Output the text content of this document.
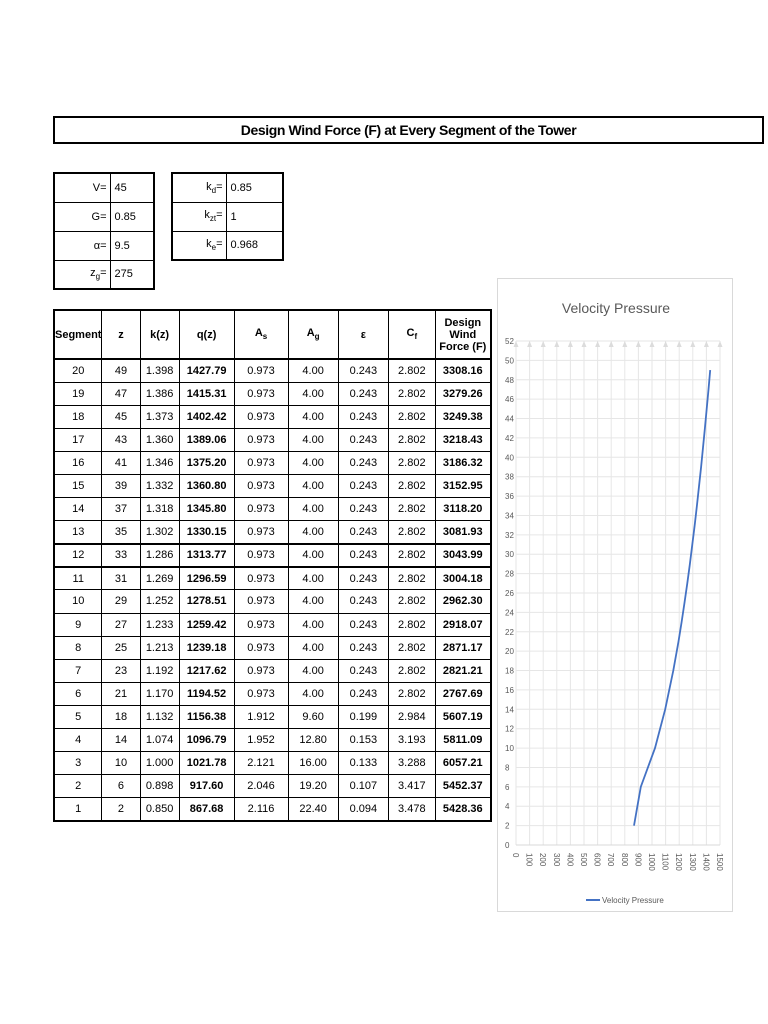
Design Wind Force (F) at Every Segment of the Tower
V=	45
G=	0.85
α=	9.5
$z_g=$	275
$k_d=$	0.85
$k_{zt}=$	1
$k_e=$	0.968
Segment	z	k(z)	q(z)	$A_s$	$A_g$	ε	$C_f$	Design Wind Force (F)
20	49	1.398	1427.79	0.973	4.00	0.243	2.802	3308.16
19	47	1.386	1415.31	0.973	4.00	0.243	2.802	3279.26
18	45	1.373	1402.42	0.973	4.00	0.243	2.802	3249.38
17	43	1.360	1389.06	0.973	4.00	0.243	2.802	3218.43
16	41	1.346	1375.20	0.973	4.00	0.243	2.802	3186.32
15	39	1.332	1360.80	0.973	4.00	0.243	2.802	3152.95
14	37	1.318	1345.80	0.973	4.00	0.243	2.802	3118.20
13	35	1.302	1330.15	0.973	4.00	0.243	2.802	3081.93
12	33	1.286	1313.77	0.973	4.00	0.243	2.802	3043.99
11	31	1.269	1296.59	0.973	4.00	0.243	2.802	3004.18
10	29	1.252	1278.51	0.973	4.00	0.243	2.802	2962.30
9	27	1.233	1259.42	0.973	4.00	0.243	2.802	2918.07
8	25	1.213	1239.18	0.973	4.00	0.243	2.802	2871.17
7	23	1.192	1217.62	0.973	4.00	0.243	2.802	2821.21
6	21	1.170	1194.52	0.973	4.00	0.243	2.802	2767.69
5	18	1.132	1156.38	1.912	9.60	0.199	2.984	5607.19
4	14	1.074	1096.79	1.952	12.80	0.153	3.193	5811.09
3	10	1.000	1021.78	2.121	16.00	0.133	3.288	6057.21
2	6	0.898	917.60	2.046	19.20	0.107	3.417	5452.37
1	2	0.850	867.68	2.116	22.40	0.094	3.478	5428.36
Velocity Pressure
0
2
4
6
8
10
12
14
16
18
20
22
24
26
28
30
32
34
36
38
40
42
44
46
48
50
52
0 100 200 300 400 500 600 700 800 900 1000 1100 1200 1300 1400 1500
Velocity Pressure
